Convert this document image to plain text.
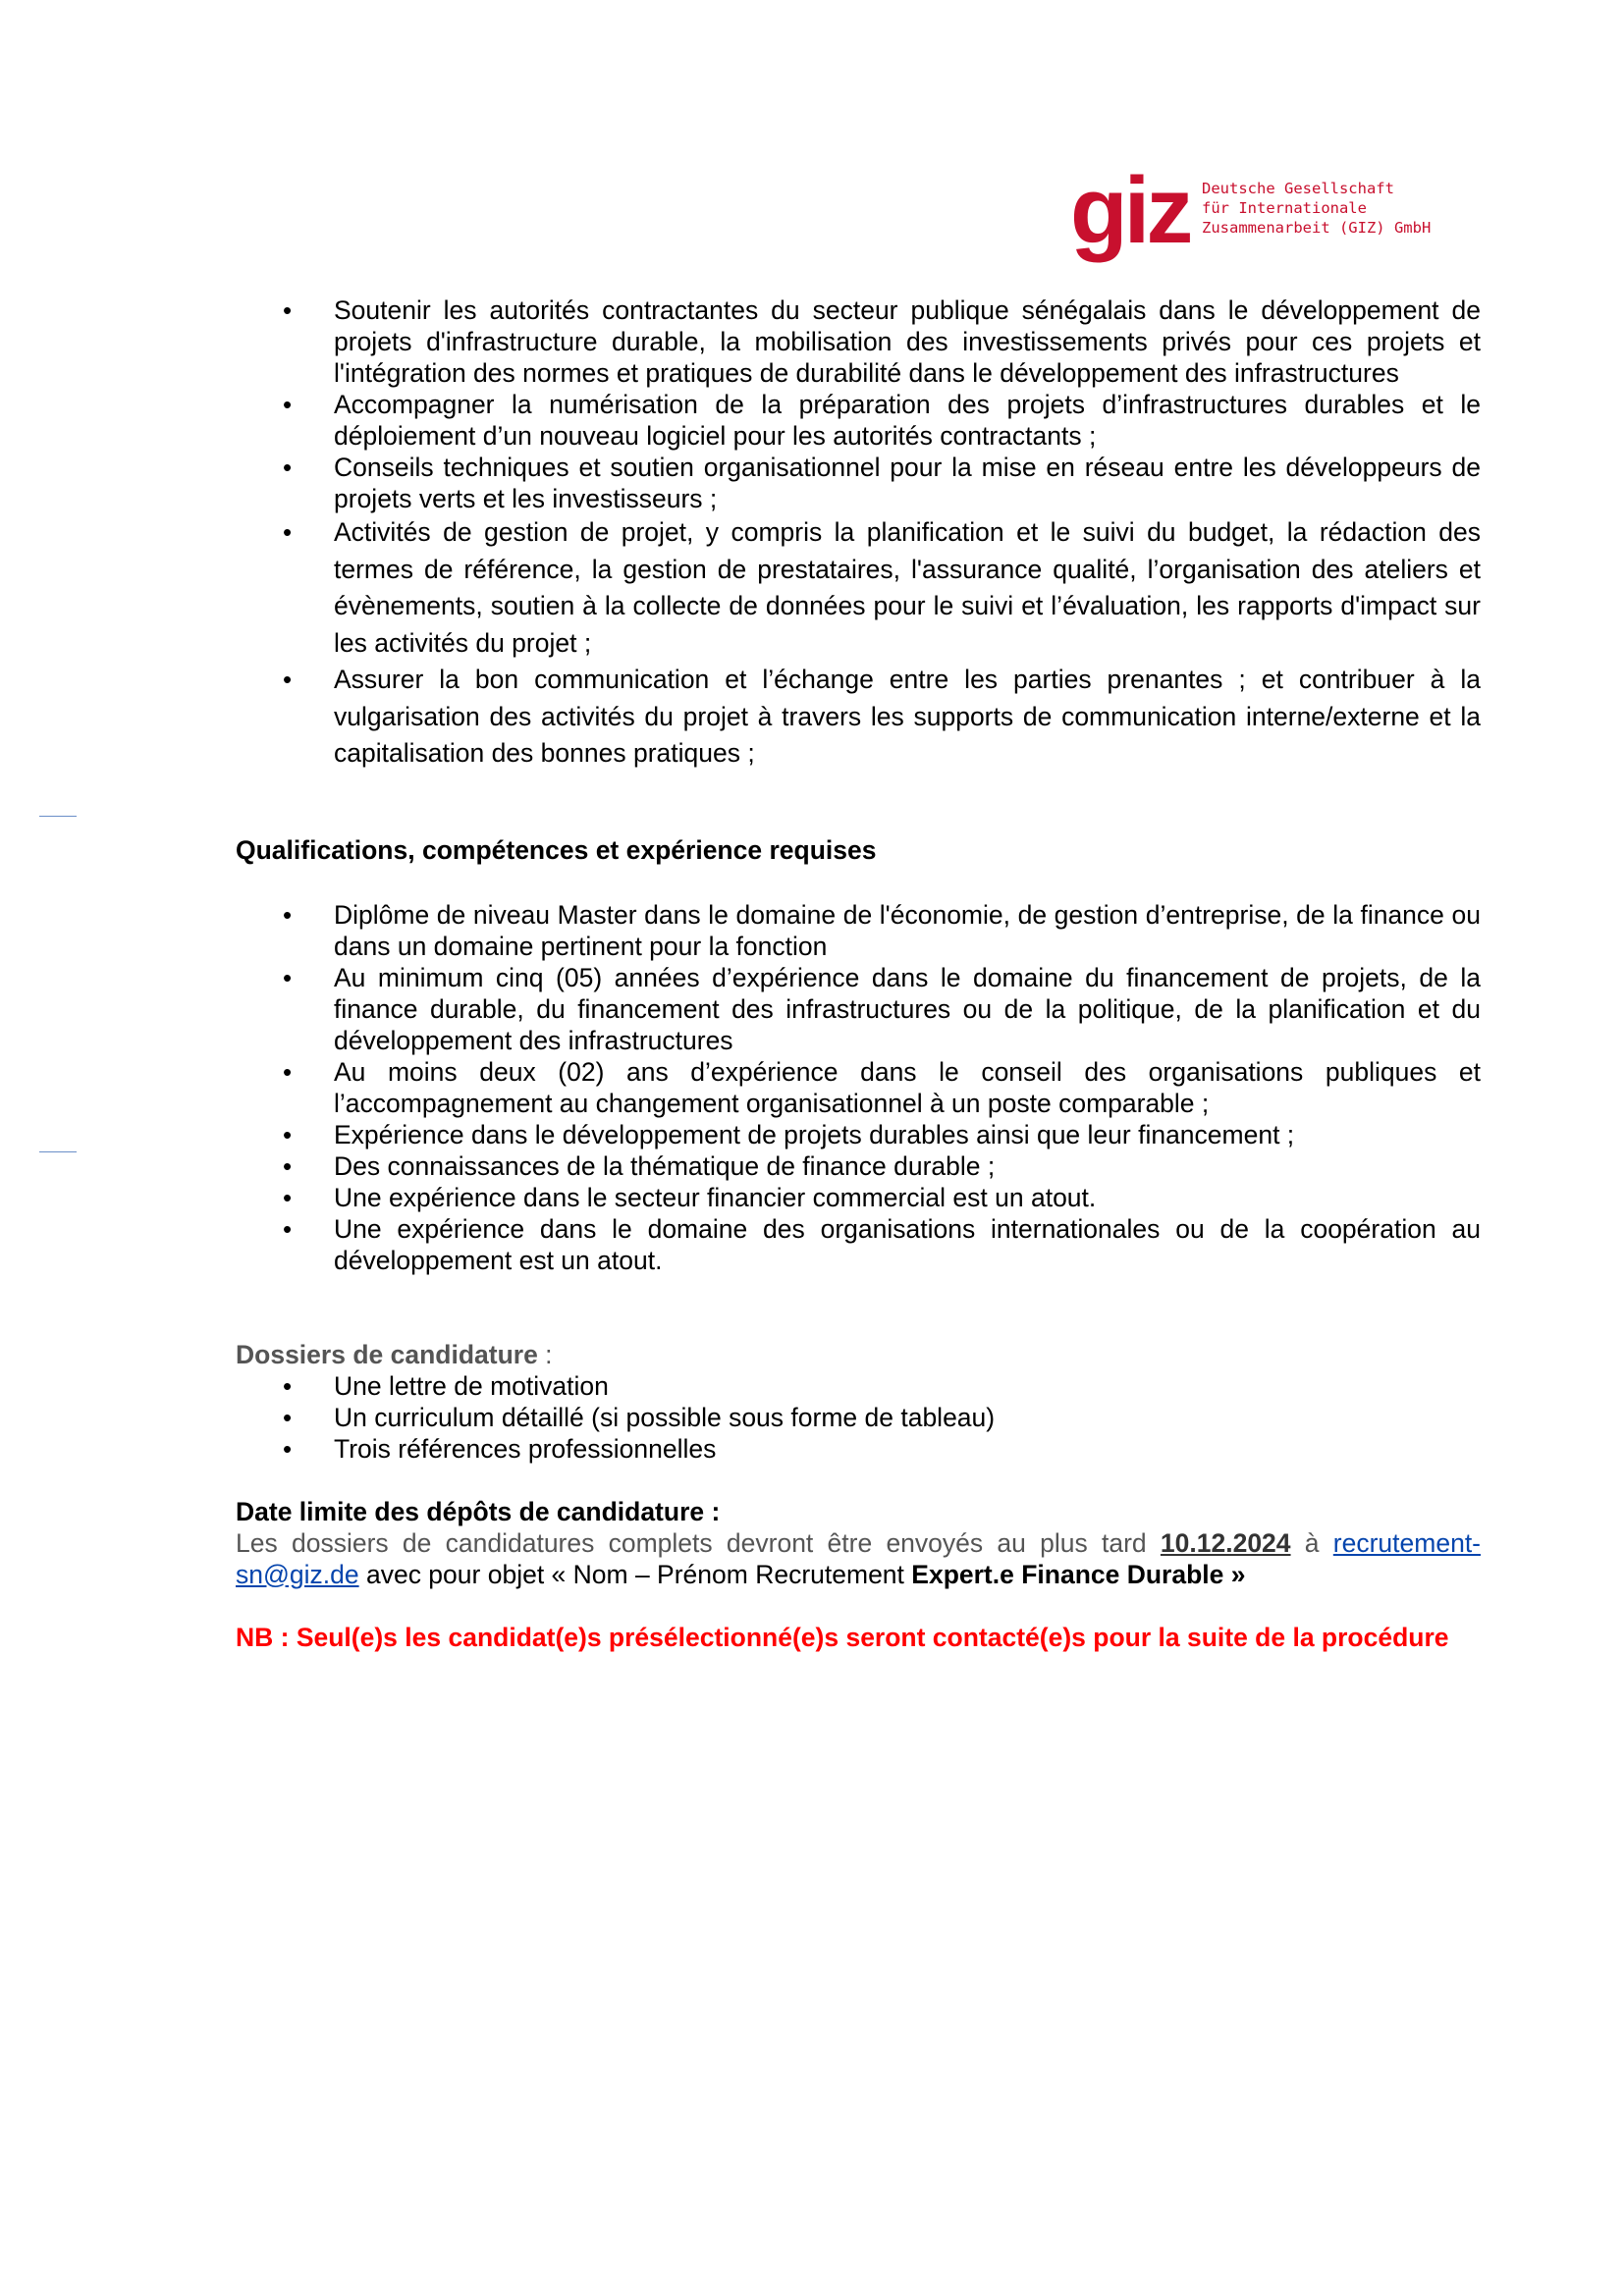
giz Deutsche Gesellschaft
für Internationale
Zusammenarbeit (GIZ) GmbH
• Soutenir les autorités contractantes du secteur publique sénégalais dans le développement de projets d'infrastructure durable, la mobilisation des investissements privés pour ces projets et l'intégration des normes et pratiques de durabilité dans le développement des infrastructures
• Accompagner la numérisation de la préparation des projets d’infrastructures durables et le déploiement d’un nouveau logiciel pour les autorités contractants ;
• Conseils techniques et soutien organisationnel pour la mise en réseau entre les développeurs de projets verts et les investisseurs ;
• Activités de gestion de projet, y compris la planification et le suivi du budget, la rédaction des termes de référence, la gestion de prestataires, l'assurance qualité, l’organisation des ateliers et évènements, soutien à la collecte de données pour le suivi et l’évaluation, les rapports d'impact sur les activités du projet ;
• Assurer la bon communication et l’échange entre les parties prenantes ; et contribuer à la vulgarisation des activités du projet à travers les supports de communication interne/externe et la capitalisation des bonnes pratiques ;
Qualifications, compétences et expérience requises
• Diplôme de niveau Master dans le domaine de l'économie, de gestion d’entreprise, de la finance ou dans un domaine pertinent pour la fonction
• Au minimum cinq (05) années d’expérience dans le domaine du financement de projets, de la finance durable, du financement des infrastructures ou de la politique, de la planification et du développement des infrastructures
• Au moins deux (02) ans d’expérience dans le conseil des organisations publiques et l’accompagnement au changement organisationnel à un poste comparable ;
• Expérience dans le développement de projets durables ainsi que leur financement ;
• Des connaissances de la thématique de finance durable ;
• Une expérience dans le secteur financier commercial est un atout.
• Une expérience dans le domaine des organisations internationales ou de la coopération au développement est un atout.
Dossiers de candidature :
• Une lettre de motivation
• Un curriculum détaillé (si possible sous forme de tableau)
• Trois références professionnelles
Date limite des dépôts de candidature :

Les dossiers de candidatures complets devront être envoyés au plus tard 10.12.2024 à recrutement-sn@giz.de avec pour objet « Nom – Prénom Recrutement Expert.e Finance Durable »

NB : Seul(e)s les candidat(e)s présélectionné(e)s seront contacté(e)s pour la suite de la procédure
